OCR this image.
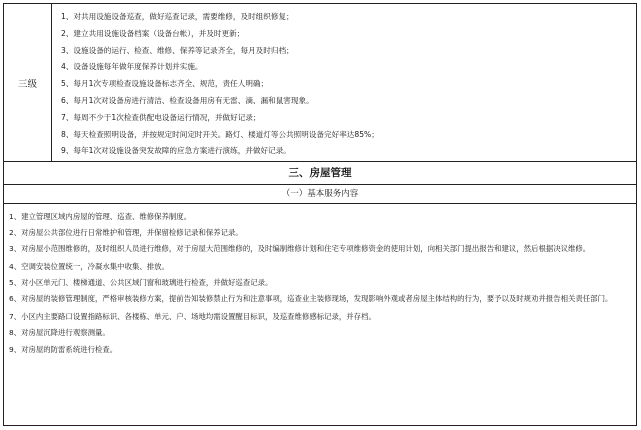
三级
1、对共用设施设备巡查，做好巡查记录，需要维修，及时组织修复；
2、建立共用设施设备档案（设备台帐），并及时更新；
3、设施设备的运行、检查、维修、保养等记录齐全，每月及时归档；
4、设备设施每年做年度保养计划并实施。
5、每月1次专项检查设施设备标志齐全、规范，责任人明确；
6、每月1次对设备房进行清洁、检查设备用房有无雷、滴、漏和鼠害现象。
7、每周不少于1次检查供配电设备运行情况，并做好记录；
8、每天检查照明设备，并按规定时间定时开关。路灯、楼道灯等公共照明设备完好率达85%；
9、每年1次对设施设备突发故障的应急方案进行演练，并做好记录。
三、房屋管理
（一）基本服务内容
1、建立管理区域内房屋的管理、巡查、维修保养制度。
2、对房屋公共部位进行日常维护和管理，并保留检修记录和保养记录。
3、对房屋小范围维修的，及时组织人员进行维修，对于房屋大范围维修的，及时编制维修计划和住宅专项维修资金的使用计划，向相关部门提出报告和建议，然后根据决议维修。
4、空调安装位置统一，冷凝水集中收集、排放。
5、对小区单元门、楼梯通道、公共区域门窗和玻璃进行检查，并做好巡查记录。
6、对房屋的装修管理制度，严格审核装修方案，提前告知装修禁止行为和注意事项，巡查业主装修现场，发现影响外观或者房屋主体结构的行为，要予以及时规劝并报告相关责任部门。
7、小区内主要路口设置指路标识、各楼栋、单元、户、场地均需设置醒目标识，及巡查维修感标记录，并存档。
8、对房屋沉降进行观察测量。
9、对房屋的防雷系统进行检查。
